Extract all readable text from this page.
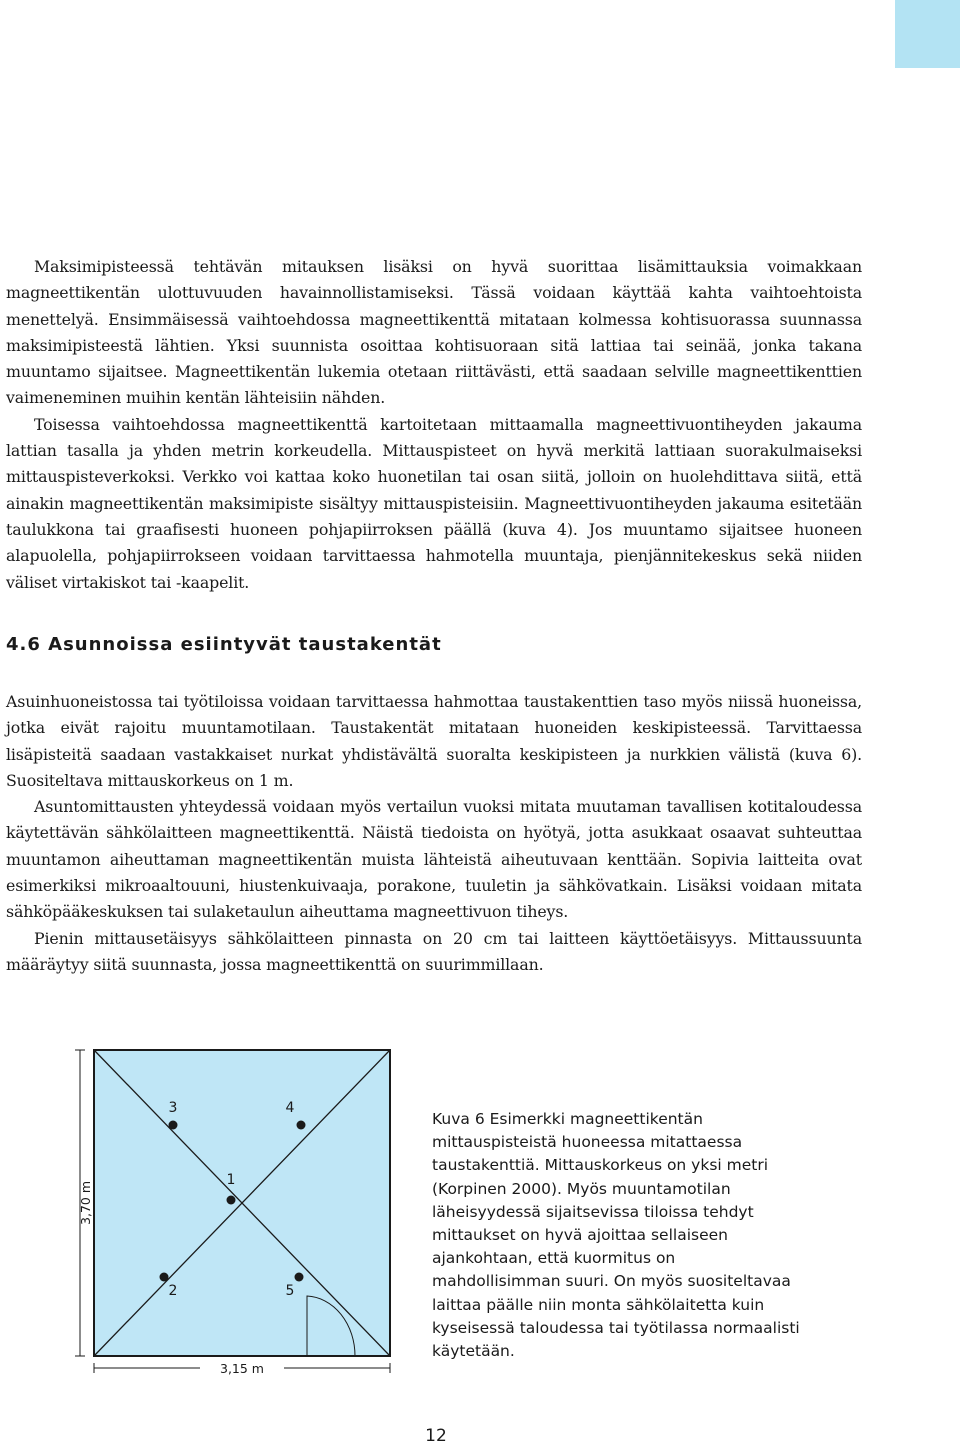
Maksimipisteessä tehtävän mitauksen lisäksi on hyvä suorittaa lisämittauksia voimakkaan magneettikentän ulottuvuuden havainnollistamiseksi. Tässä voidaan käyttää kahta vaihtoehtoista menettelyä. Ensimmäisessä vaihtoehdossa magneettikenttä mitataan kolmessa kohtisuorassa suunnassa maksimipisteestä lähtien. Yksi suunnista osoittaa kohtisuoraan sitä lattiaa tai seinää, jonka takana muuntamo sijaitsee. Magneettikentän lukemia otetaan riittävästi, että saadaan selville magneettikenttien vaimeneminen muihin kentän lähteisiin nähden.

Toisessa vaihtoehdossa magneettikenttä kartoitetaan mittaamalla magneettivuontiheyden jakauma lattian tasalla ja yhden metrin korkeudella. Mittauspisteet on hyvä merkitä lattiaan suorakulmaiseksi mittauspisteverkoksi. Verkko voi kattaa koko huonetilan tai osan siitä, jolloin on huolehdittava siitä, että ainakin magneettikentän maksimipiste sisältyy mittauspisteisiin. Magneettivuontiheyden jakauma esitetään taulukkona tai graafisesti huoneen pohjapiirroksen päällä (kuva 4). Jos muuntamo sijaitsee huoneen alapuolella, pohjapiirrokseen voidaan tarvittaessa hahmotella muuntaja, pienjännitekeskus sekä niiden väliset virtakiskot tai -kaapelit.

4.6 Asunnoissa esiintyvät taustakentät

Asuinhuoneistossa tai työtiloissa voidaan tarvittaessa hahmottaa taustakenttien taso myös niissä huoneissa, jotka eivät rajoitu muuntamotilaan. Taustakentät mitataan huoneiden keskipisteessä. Tarvittaessa lisäpisteitä saadaan vastakkaiset nurkat yhdistävältä suoralta keskipisteen ja nurkkien välistä (kuva 6). Suositeltava mittauskorkeus on 1 m.

Asuntomittausten yhteydessä voidaan myös vertailun vuoksi mitata muutaman tavallisen kotitaloudessa käytettävän sähkölaitteen magneettikenttä. Näistä tiedoista on hyötyä, jotta asukkaat osaavat suhteuttaa muuntamon aiheuttaman magneettikentän muista lähteistä aiheutuvaan kenttään. Sopivia laitteita ovat esimerkiksi mikroaaltouuni, hiustenkuivaaja, porakone, tuuletin ja sähkövatkain. Lisäksi voidaan mitata sähköpääkeskuksen tai sulaketaulun aiheuttama magneettivuon tiheys.

Pienin mittausetäisyys sähkölaitteen pinnasta on 20 cm tai laitteen käyttöetäisyys. Mittaussuunta määräytyy siitä suunnasta, jossa magneettikenttä on suurimmillaan.

3,70 m
3,15 m
1
3	4
2	5
Kuva 6 Esimerkki magneettikentän
mittauspisteistä huoneessa mitattaessa
taustakenttiä. Mittauskorkeus on yksi metri
(Korpinen 2000). Myös muuntamotilan
läheisyydessä sijaitsevissa tiloissa tehdyt
mittaukset on hyvä ajoittaa sellaiseen
ajankohtaan, että kuormitus on
mahdollisimman suuri. On myös suositeltavaa
laittaa päälle niin monta sähkölaitetta kuin
kyseisessä taloudessa tai työtilassa normaalisti
käytetään.
12
